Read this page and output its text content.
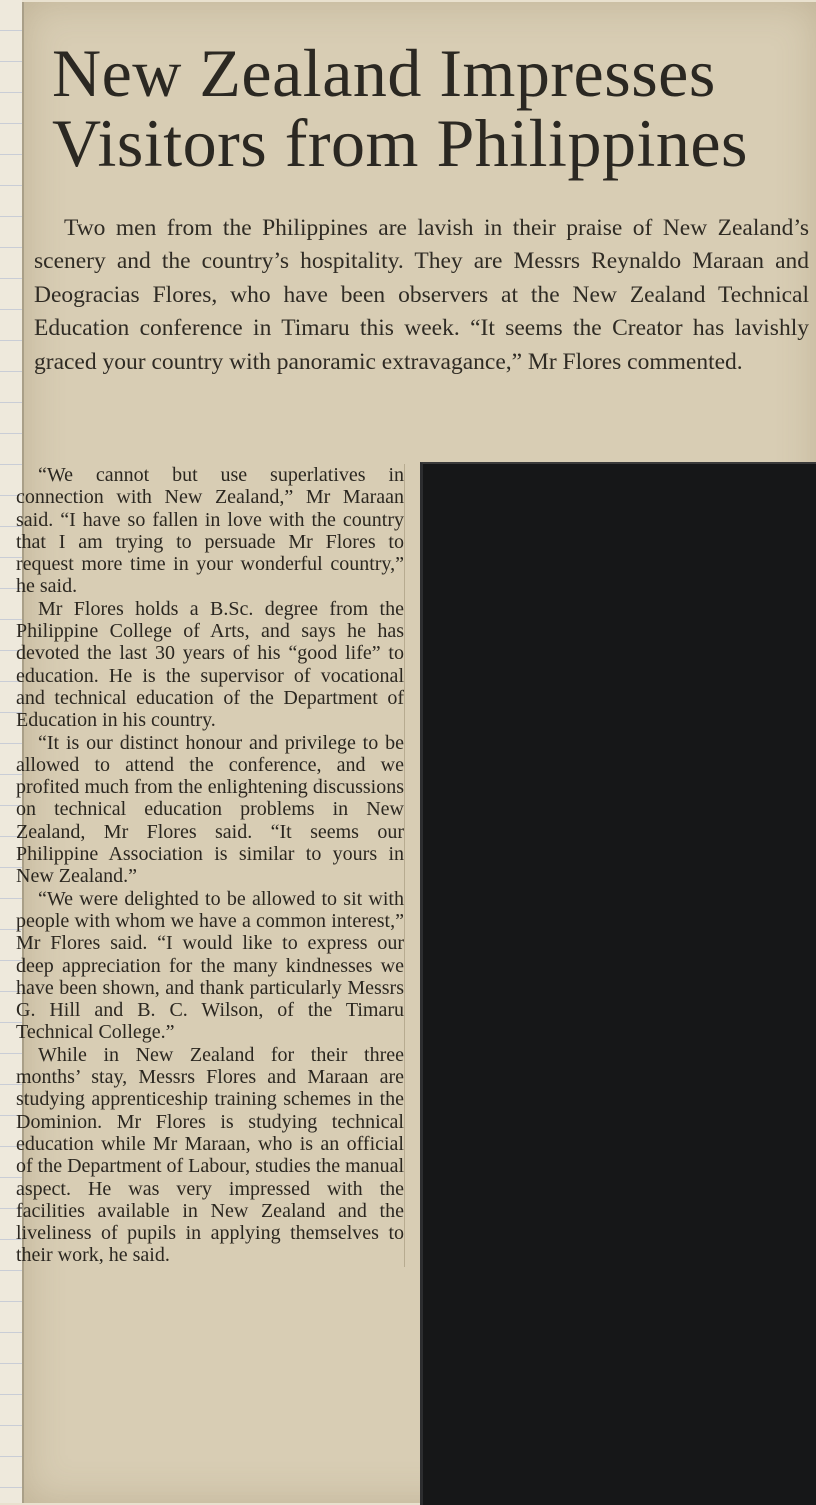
New Zealand Impresses
Visitors from Philippines

Two men from the Philippines are lavish in their praise of New Zealand’s scenery and the country’s hospitality. They are Messrs Reynaldo Maraan and Deogracias Flores, who have been observers at the New Zealand Technical Education conference in Timaru this week. “It seems the Creator has lavishly graced your country with panoramic extravagance,” Mr Flores commented.

“We cannot but use superlatives in connection with New Zealand,” Mr Maraan said. “I have so fallen in love with the country that I am trying to persuade Mr Flores to request more time in your wonderful country,” he said.

Mr Flores holds a B.Sc. degree from the Philippine College of Arts, and says he has devoted the last 30 years of his “good life” to education. He is the supervisor of vocational and technical education of the Department of Education in his country.

“It is our distinct honour and privilege to be allowed to attend the conference, and we profited much from the enlightening discussions on technical education problems in New Zealand, Mr Flores said. “It seems our Philippine Association is similar to yours in New Zealand.”

“We were delighted to be allowed to sit with people with whom we have a common interest,” Mr Flores said. “I would like to express our deep appreciation for the many kindnesses we have been shown, and thank particularly Messrs G. Hill and B. C. Wilson, of the Timaru Technical College.”

While in New Zealand for their three months’ stay, Messrs Flores and Maraan are studying apprenticeship training schemes in the Dominion. Mr Flores is studying technical education while Mr Maraan, who is an official of the Department of Labour, studies the manual aspect. He was very impressed with the facilities available in New Zealand and the liveliness of pupils in applying themselves to their work, he said.
